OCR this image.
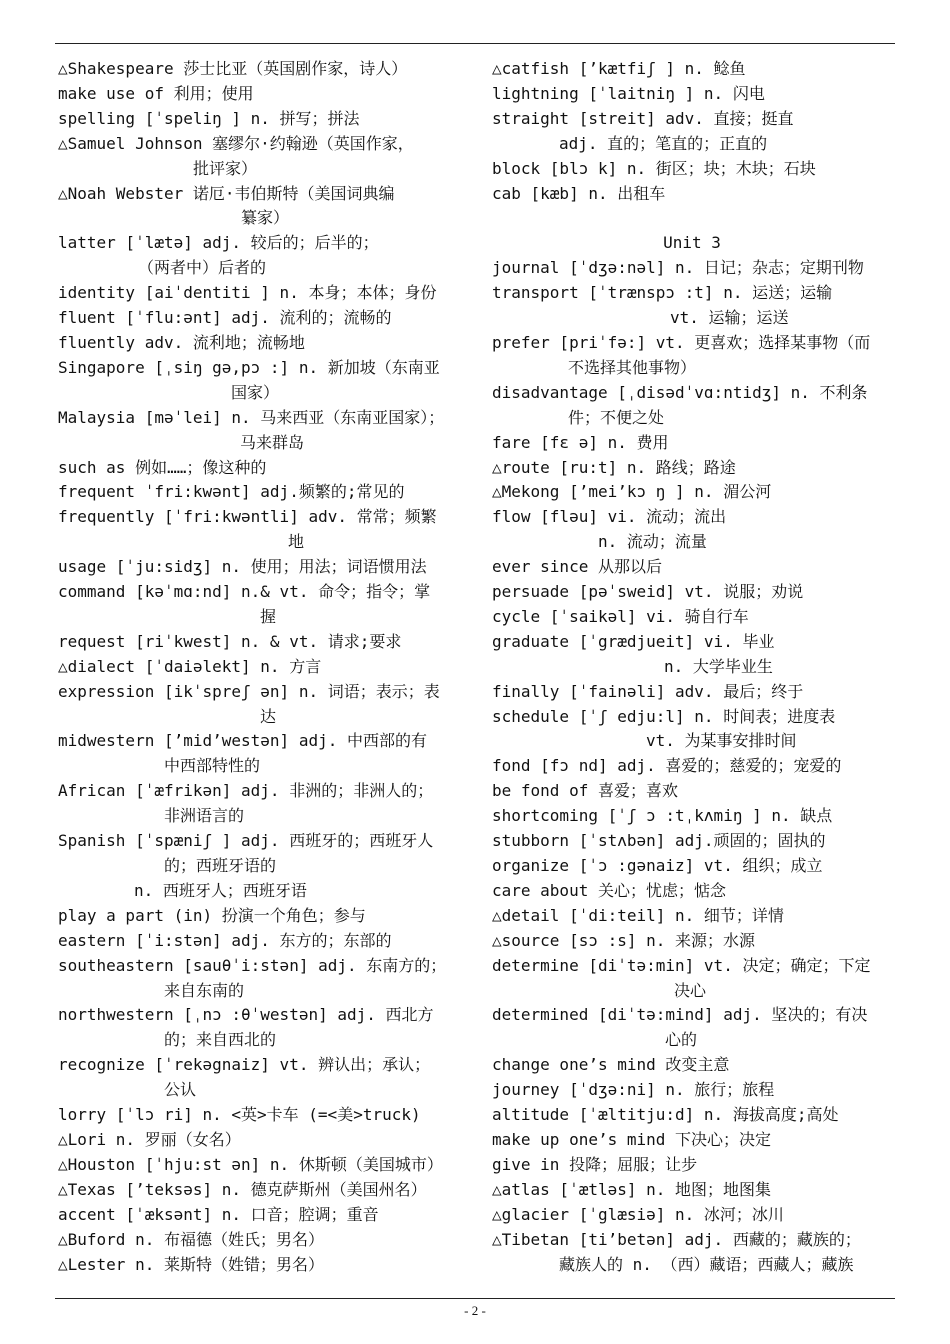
△Shakespeare 莎士比亚（英国剧作家，诗人）
make use of 利用；使用
spelling [ˈspeliŋ ] n. 拼写；拼法
△Samuel Johnson 塞缪尔·约翰逊（英国作家，
批评家）
△Noah Webster 诺厄·韦伯斯特（美国词典编
纂家）
latter [ˈlætə] adj. 较后的；后半的；
（两者中）后者的
identity [aiˈdentiti ] n. 本身；本体；身份
fluent [ˈflu:ənt] adj. 流利的；流畅的
fluently adv. 流利地；流畅地
Singapore [ˌsiŋ gə,pɔ :] n. 新加坡（东南亚
国家）
Malaysia [məˈlei] n. 马来西亚（东南亚国家）；
马来群岛
such as 例如……；像这种的
frequent ˈfri:kwənt] adj.频繁的;常见的
frequently [ˈfri:kwəntli] adv. 常常；频繁
地
usage [ˈju:sidʒ] n. 使用；用法；词语惯用法
command [kəˈmɑ:nd] n.& vt. 命令；指令；掌
握
request [riˈkwest] n. & vt. 请求;要求
△dialect [ˈdaiəlekt] n. 方言
expression [ikˈspreʃ ən] n. 词语；表示；表
达
midwestern [’mid’westən] adj. 中西部的有
中西部特性的
African [ˈæfrikən] adj. 非洲的；非洲人的；
非洲语言的
Spanish [ˈspæniʃ ] adj. 西班牙的；西班牙人
的；西班牙语的
n. 西班牙人；西班牙语
play a part (in) 扮演一个角色；参与
eastern [ˈi:stən] adj. 东方的；东部的
southeastern [sauθˈi:stən] adj. 东南方的；
来自东南的
northwestern [ˌnɔ :θˈwestən] adj. 西北方
的；来自西北的
recognize [ˈrekəgnaiz] vt. 辨认出；承认；
公认
lorry [ˈlɔ ri] n. <英>卡车 (=<美>truck)
△Lori n. 罗丽（女名）
△Houston [ˈhju:st ən] n. 休斯顿（美国城市）
△Texas [’teksəs] n. 德克萨斯州（美国州名）
accent [ˈæksənt] n. 口音；腔调；重音
△Buford n. 布福德（姓氏；男名）
△Lester n. 莱斯特（姓错；男名）
△catfish [’kætfiʃ ] n. 鲶鱼
lightning [ˈlaitniŋ ] n. 闪电
straight [streit] adv. 直接；挺直
adj. 直的；笔直的；正直的
block [blɔ k] n. 街区；块；木块；石块
cab [kæb] n. 出租车

Unit 3
journal [ˈdʒə:nəl] n. 日记；杂志；定期刊物
transport [ˈtrænspɔ :t] n. 运送；运输
vt. 运输；运送
prefer [priˈfə:] vt. 更喜欢；选择某事物（而
不选择其他事物）
disadvantage [ˌdisədˈvɑ:ntidʒ] n. 不利条
件；不便之处
fare [fɛ ə] n. 费用
△route [ru:t] n. 路线；路途
△Mekong [’mei’kɔ ŋ ] n. 湄公河
flow [fləu] vi. 流动；流出
n. 流动；流量
ever since 从那以后
persuade [pəˈsweid] vt. 说服；劝说
cycle [ˈsaikəl] vi. 骑自行车
graduate [ˈgrædjueit] vi. 毕业
n. 大学毕业生
finally [ˈfainəli] adv. 最后；终于
schedule [ˈʃ edju:l] n. 时间表；进度表
vt. 为某事安排时间
fond [fɔ nd] adj. 喜爱的；慈爱的；宠爱的
be fond of 喜爱；喜欢
shortcoming [ˈʃ ɔ :tˌkʌmiŋ ] n. 缺点
stubborn [ˈstʌbən] adj.顽固的；固执的
organize [ˈɔ :gənaiz] vt. 组织；成立
care about 关心；忧虑；惦念
△detail [ˈdi:teil] n. 细节；详情
△source [sɔ :s] n. 来源；水源
determine [diˈtə:min] vt. 决定；确定；下定
决心
determined [diˈtə:mind] adj. 坚决的；有决
心的
change one’s mind 改变主意
journey [ˈdʒə:ni] n. 旅行；旅程
altitude [ˈæltitju:d] n. 海拔高度;高处
make up one’s mind 下决心；决定
give in 投降；屈服；让步
△atlas [ˈætləs] n. 地图；地图集
△glacier [ˈglæsiə] n. 冰河；冰川
△Tibetan [ti’betən] adj. 西藏的；藏族的；
藏族人的 n. （西）藏语；西藏人；藏族
- 2 -
